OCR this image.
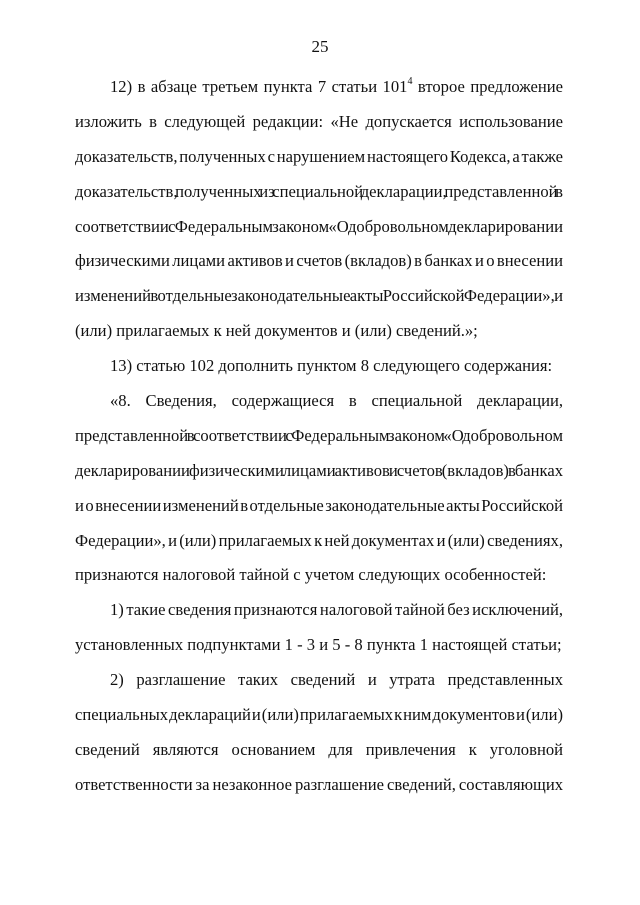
25
12) в абзаце третьем пункта 7 статьи $101^4$ второе предложение
изложить в следующей редакции: «Не допускается использование
доказательств, полученных с нарушением настоящего Кодекса, а также
доказательств, полученных из специальной декларации, представленной в
соответствии с Федеральным законом «О добровольном декларировании
физическими лицами активов и счетов (вкладов) в банках и о внесении
изменений в отдельные законодательные акты Российской Федерации», и
(или) прилагаемых к ней документов и (или) сведений.»;
13) статью 102 дополнить пунктом 8 следующего содержания:
«8. Сведения, содержащиеся в специальной декларации,
представленной в соответствии с Федеральным законом «О добровольном
декларировании физическими лицами активов и счетов (вкладов) в банках
и о внесении изменений в отдельные законодательные акты Российской
Федерации», и (или) прилагаемых к ней документах и (или) сведениях,
признаются налоговой тайной с учетом следующих особенностей:
1) такие сведения признаются налоговой тайной без исключений,
установленных подпунктами 1 - 3 и 5 - 8 пункта 1 настоящей статьи;
2) разглашение таких сведений и утрата представленных
специальных деклараций и (или) прилагаемых к ним документов и (или)
сведений являются основанием для привлечения к уголовной
ответственности за незаконное разглашение сведений, составляющих
